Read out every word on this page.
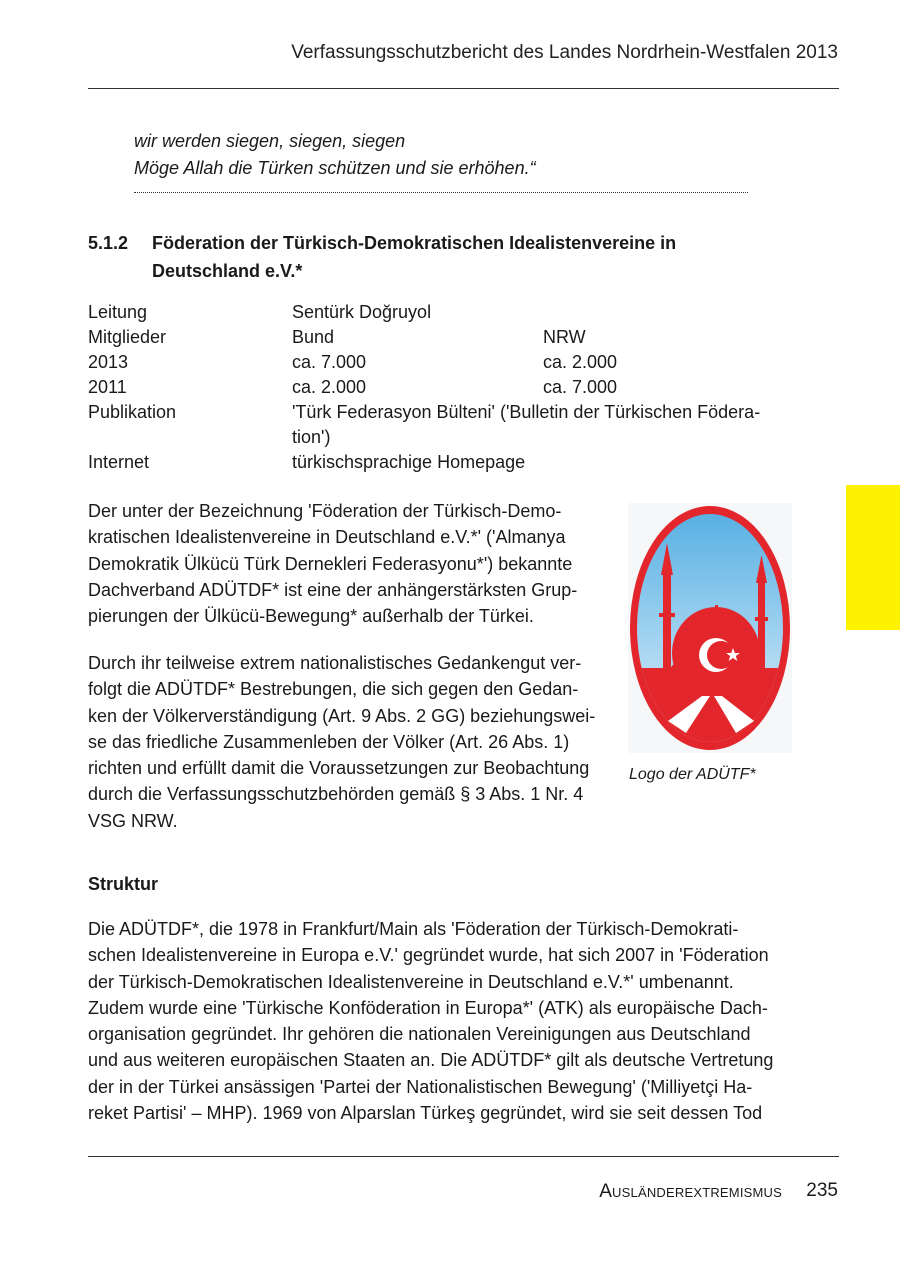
Verfassungsschutzbericht des Landes Nordrhein-Westfalen 2013
wir werden siegen, siegen, siegen
Möge Allah die Türken schützen und sie erhöhen.“
5.1.2 Föderation der Türkisch-Demokratischen Idealistenvereine in
Deutschland e.V.*
Leitung	Sentürk Doğruyol
Mitglieder	Bund	NRW
2013	ca. 7.000	ca. 2.000
2011	ca. 2.000	ca. 7.000
Publikation	'Türk Federasyon Bülteni' ('Bulletin der Türkischen Födera-
tion')
Internet	türkischsprachige Homepage
Der unter der Bezeichnung 'Föderation der Türkisch-Demo-
kratischen Idealistenvereine in Deutschland e.V.*' ('Almanya
Demokratik Ülkücü Türk Dernekleri Federasyonu*') bekannte
Dachverband ADÜTDF* ist eine der anhängerstärksten Grup-
pierungen der Ülkücü-Bewegung* außerhalb der Türkei.
Durch ihr teilweise extrem nationalistisches Gedankengut ver-
folgt die ADÜTDF* Bestrebungen, die sich gegen den Gedan-
ken der Völkerverständigung (Art. 9 Abs. 2 GG) beziehungswei-
se das friedliche Zusammenleben der Völker (Art. 26 Abs. 1)
richten und erfüllt damit die Voraussetzungen zur Beobachtung
durch die Verfassungsschutzbehörden gemäß § 3 Abs. 1 Nr. 4
VSG NRW.
Logo der ADÜTF*
Struktur
Die ADÜTDF*, die 1978 in Frankfurt/Main als 'Föderation der Türkisch-Demokrati-
schen Idealistenvereine in Europa e.V.' gegründet wurde, hat sich 2007 in 'Föderation
der Türkisch-Demokratischen Idealistenvereine in Deutschland e.V.*' umbenannt.
Zudem wurde eine 'Türkische Konföderation in Europa*' (ATK) als europäische Dach-
organisation gegründet. Ihr gehören die nationalen Vereinigungen aus Deutschland
und aus weiteren europäischen Staaten an. Die ADÜTDF* gilt als deutsche Vertretung
der in der Türkei ansässigen 'Partei der Nationalistischen Bewegung' ('Milliyetçi Ha-
reket Partisi' – MHP). 1969 von Alparslan Türkeş gegründet, wird sie seit dessen Tod
Ausländerextremismus 235
